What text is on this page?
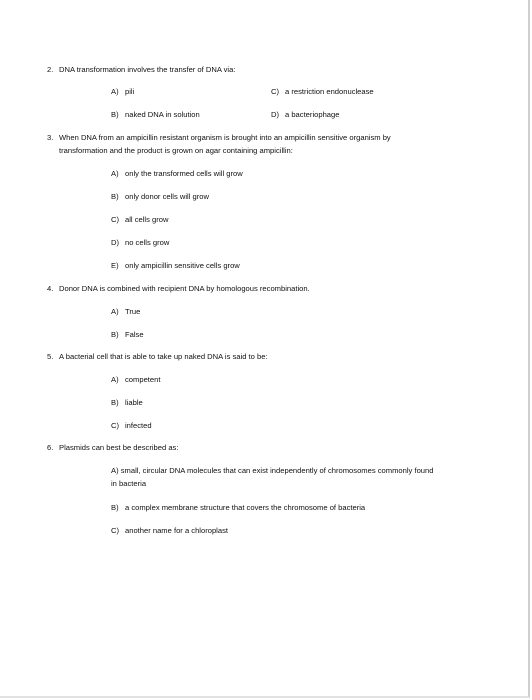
2. DNA transformation involves the transfer of DNA via:
A) pili	C) a restriction endonuclease
B) naked DNA in solution	D) a bacteriophage
3. When DNA from an ampicillin resistant organism is brought into an ampicillin sensitive organism by
transformation and the product is grown on agar containing ampicillin:
A) only the transformed cells will grow
B) only donor cells will grow
C) all cells grow
D) no cells grow
E) only ampicillin sensitive cells grow
4. Donor DNA is combined with recipient DNA by homologous recombination.
A) True
B) False
5. A bacterial cell that is able to take up naked DNA is said to be:
A) competent
B) liable
C) infected
6. Plasmids can best be described as:
A) small, circular DNA molecules that can exist independently of chromosomes commonly found in bacteria
B) a complex membrane structure that covers the chromosome of bacteria
C) another name for a chloroplast
